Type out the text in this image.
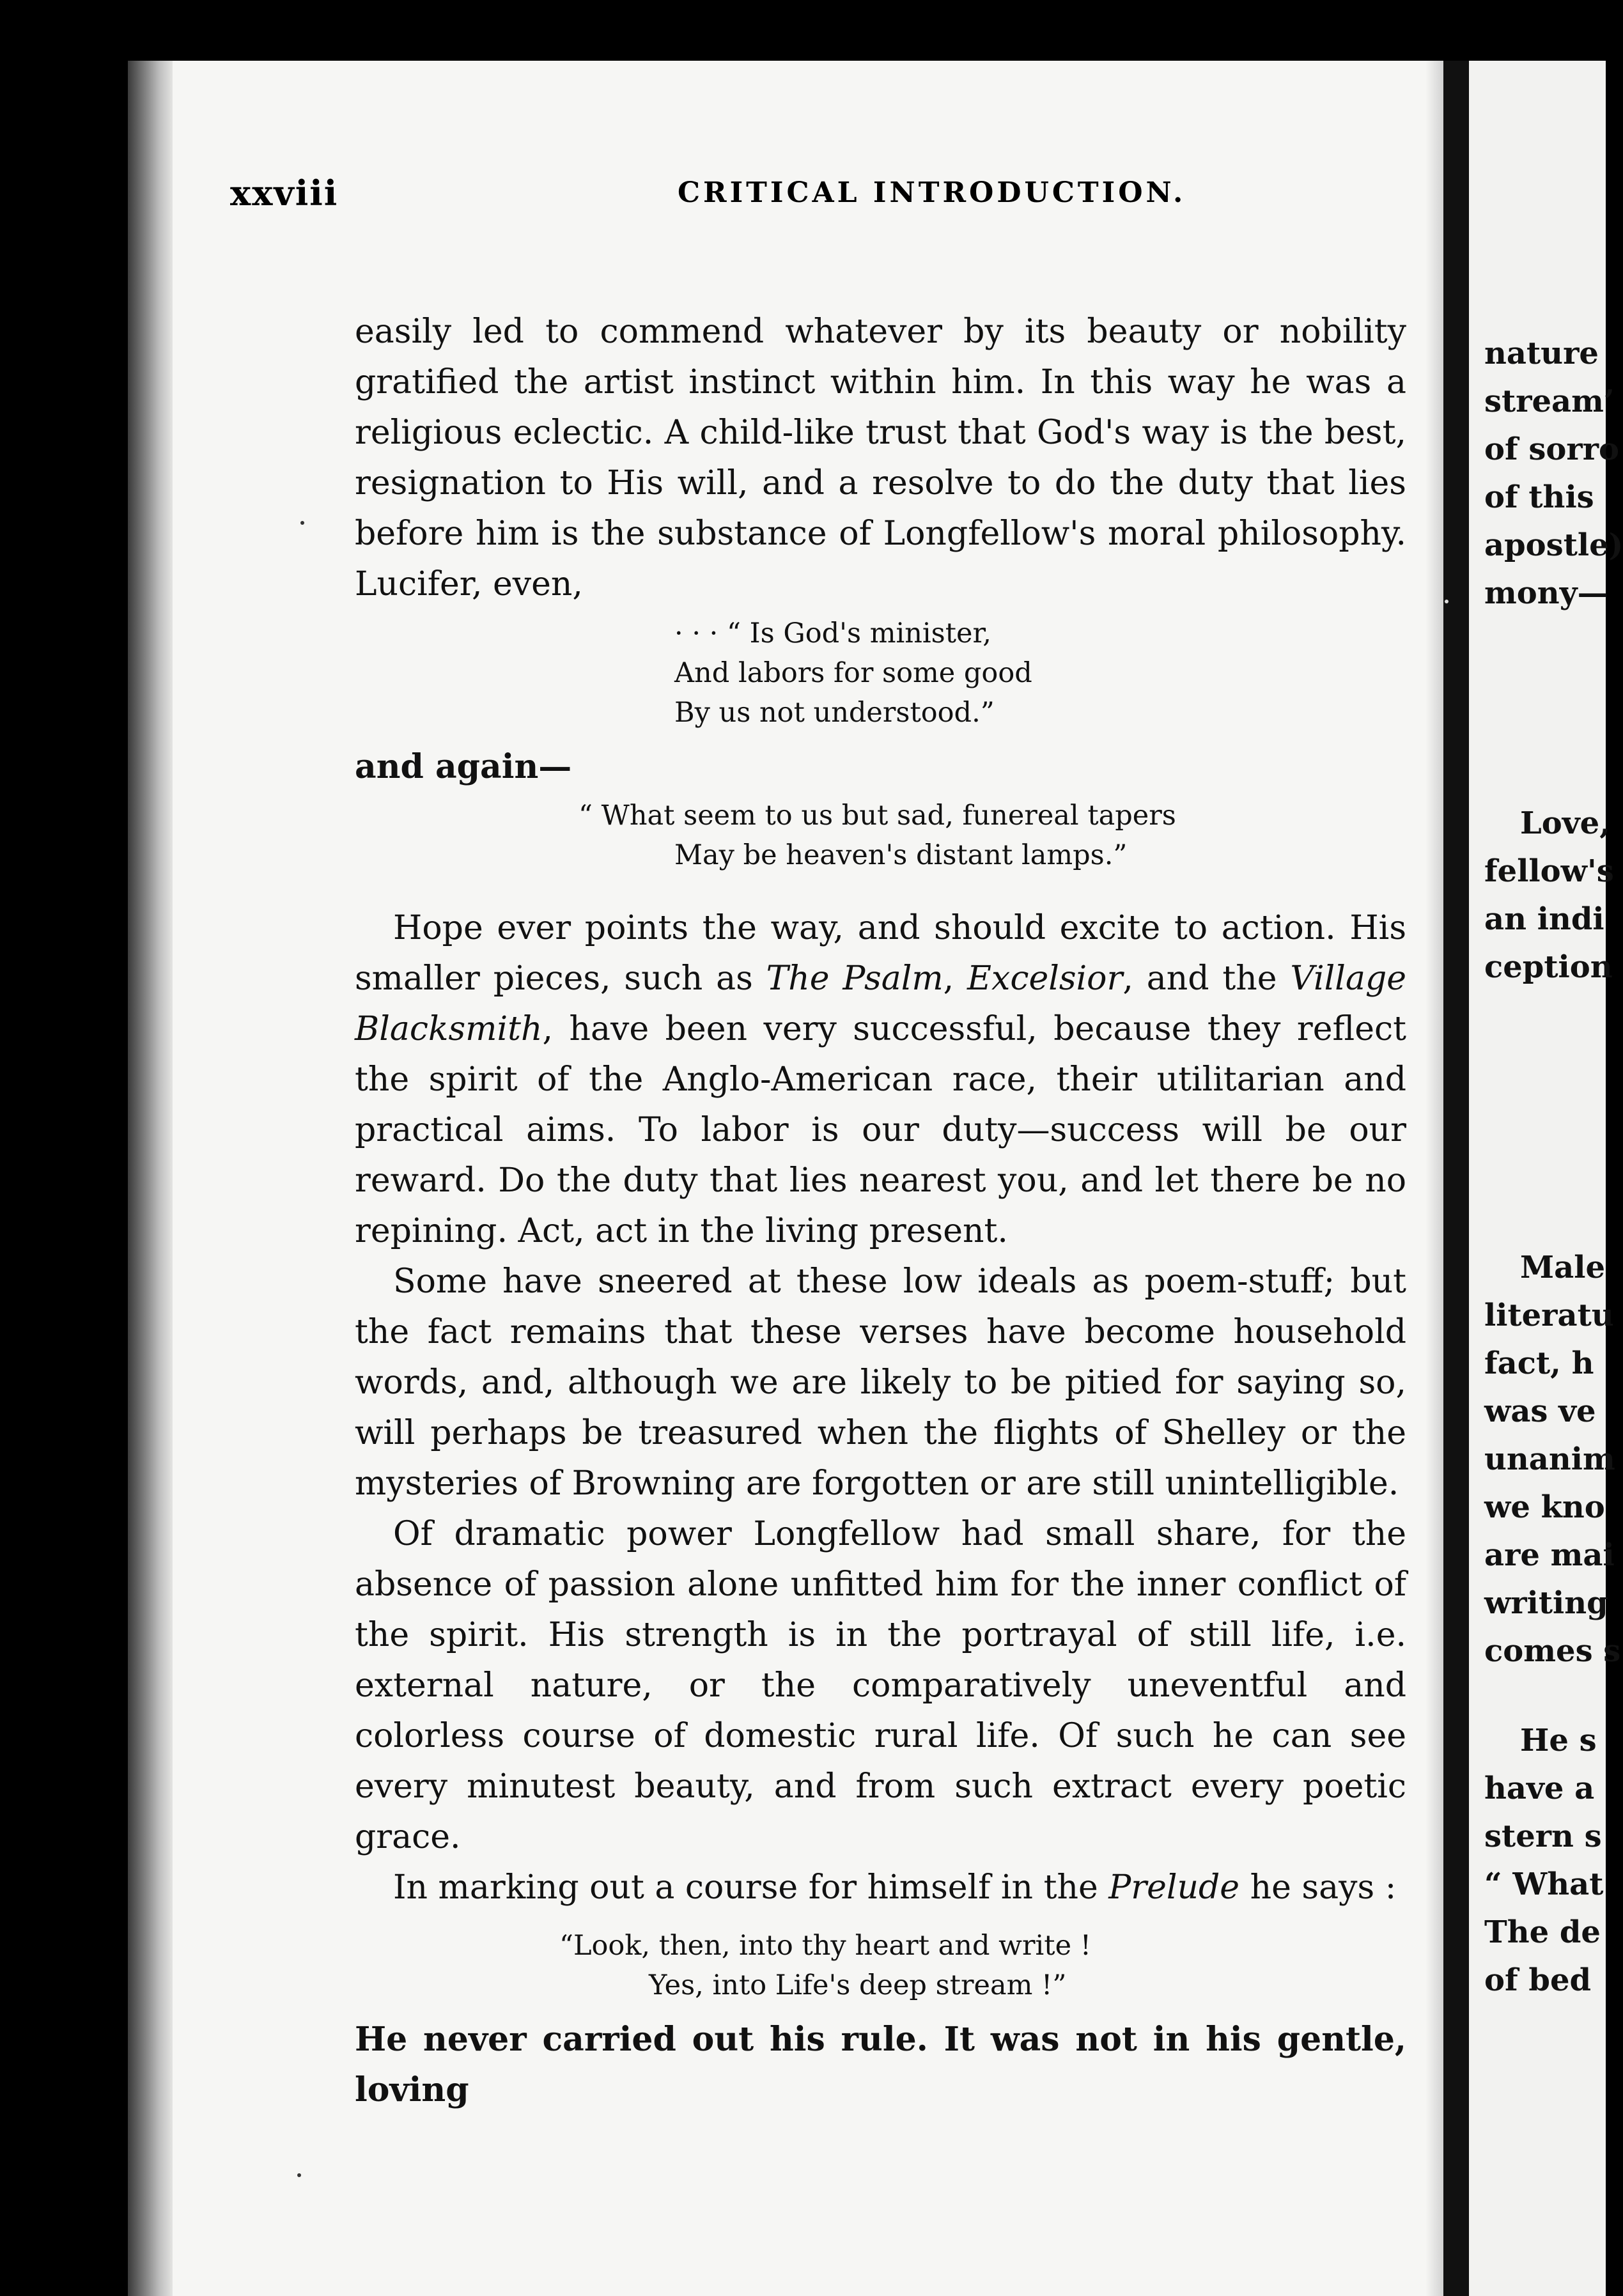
xxviii	CRITICAL INTRODUCTION.

easily led to commend whatever by its beauty or nobility gratified the artist instinct within him. In this way he was a religious eclectic. A child-like trust that God's way is the best, resignation to His will, and a resolve to do the duty that lies before him is the substance of Longfellow's moral philosophy. Lucifer, even,

· · · “ Is God's minister,
And labors for some good
By us not understood.”

and again—

“ What seem to us but sad, funereal tapers
May be heaven's distant lamps.”

Hope ever points the way, and should excite to action. His smaller pieces, such as The Psalm, Excelsior, and the Village Blacksmith, have been very successful, because they reflect the spirit of the Anglo-American race, their utilitarian and practical aims. To labor is our duty—success will be our reward. Do the duty that lies nearest you, and let there be no repining. Act, act in the living present.

Some have sneered at these low ideals as poem-stuff; but the fact remains that these verses have become household words, and, although we are likely to be pitied for saying so, will perhaps be treasured when the flights of Shelley or the mysteries of Browning are forgotten or are still unintelligible.

Of dramatic power Longfellow had small share, for the absence of passion alone unfitted him for the inner conflict of the spirit. His strength is in the portrayal of still life, i.e. external nature, or the comparatively uneventful and colorless course of domestic rural life. Of such he can see every minutest beauty, and from such extract every poetic grace.

In marking out a course for himself in the Prelude he says :

“Look, then, into thy heart and write !
Yes, into Life's deep stream !”

He never carried out his rule. It was not in his gentle, loving

nature
stream’
of sorro
of this
apostle)
mony—
Love,
fellow's
an indi
ception
Male
literatu
fact, h
was ve
unanim
we kno
are mai
writing
comes s
He s
have a
stern s
“ What
The de
of bed
